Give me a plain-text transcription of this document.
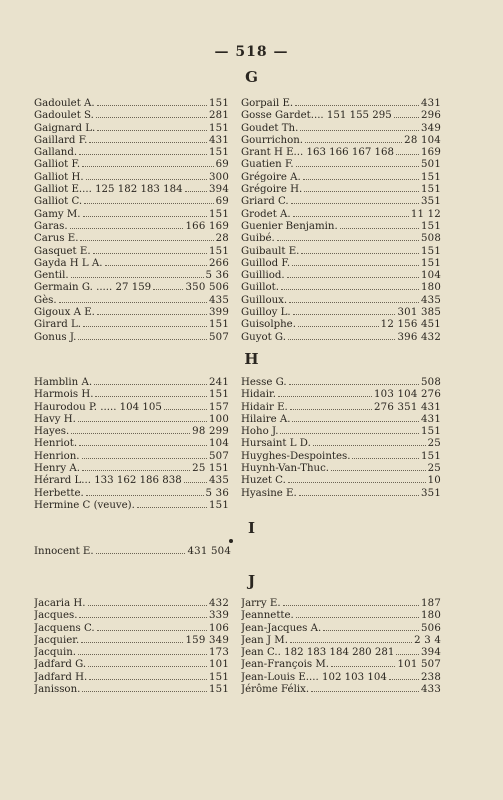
— 518 —
G
Gadoulet A.	151
Gadoulet S.	281
Gaignard L.	151
Gaillard F.	431
Galland.	151
Galliot F.	69
Galliot H.	300
Galliot E.... 125 182 183 184	394
Galliot C.	69
Gamy M.	151
Garas.	166 169
Carus E.	28
Gasquet E.	151
Gayda H L A.	266
Gentil.	5 36
Germain G. ..... 27 159	350 506
Gès.	435
Gigoux A E.	399
Girard L.	151
Gonus J.	507
Gorpail E.	431
Gosse Gardet.... 151 155 295	296
Goudet Th.	349
Gourrichon.	28 104
Grant H E... 163 166 167 168	169
Guatien F.	501
Grégoire A.	151
Grégoire H.	151
Griard C.	351
Grodet A.	11 12
Guenier Benjamin.	151
Guibé.	508
Guibault E.	151
Guillod F.	151
Guilliod.	104
Guillot.	180
Guilloux.	435
Guilloy L.	301 385
Guisolphe.	12 156 451
Guyot G.	396 432
H
Hamblin A.	241
Harmois H.	151
Haurodou P. ..... 104 105	157
Havy H.	100
Hayes.	98 299
Henriot.	104
Henrion.	507
Henry A.	25 151
Hérard L... 133 162 186 838	435
Herbette.	5 36
Hermine C (veuve).	151
Hesse G.	508
Hidair.	103 104 276
Hidair E.	276 351 431
Hilaire A.	431
Hoho J.	151
Hursaint L D.	25
Huyghes-Despointes.	151
Huynh-Van-Thuc.	25
Huzet C.	10
Hyasine E.	351
I
Innocent E.	431 504
J
Jacaria H.	432
Jacques.	339
Jacquens C.	106
Jacquier.	159 349
Jacquin.	173
Jadfard G.	101
Jadfard H.	151
Janisson.	151
Jarry E.	187
Jeannette.	180
Jean-Jacques A.	506
Jean J M.	2 3 4
Jean C.. 182 183 184 280 281	394
Jean-François M.	101 507
Jean-Louis E.... 102 103 104	238
Jérôme Félix.	433
